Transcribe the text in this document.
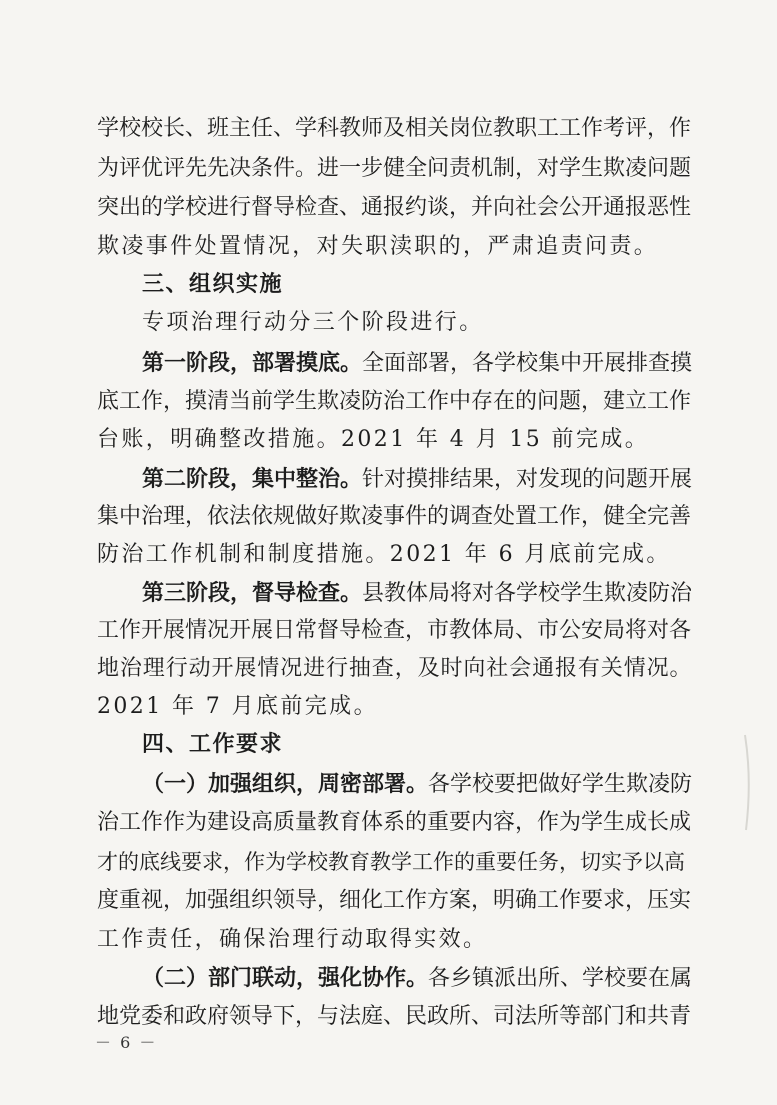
学校校长、班主任、学科教师及相关岗位教职工工作考评，作
为评优评先先决条件。进一步健全问责机制，对学生欺凌问题
突出的学校进行督导检查、通报约谈，并向社会公开通报恶性
欺凌事件处置情况，对失职渎职的，严肃追责问责。
三、组织实施
专项治理行动分三个阶段进行。
第一阶段，部署摸底。全面部署，各学校集中开展排查摸
底工作，摸清当前学生欺凌防治工作中存在的问题，建立工作
台账，明确整改措施。2021 年 4 月 15 前完成。
第二阶段，集中整治。针对摸排结果，对发现的问题开展
集中治理，依法依规做好欺凌事件的调查处置工作，健全完善
防治工作机制和制度措施。2021 年 6 月底前完成。
第三阶段，督导检查。县教体局将对各学校学生欺凌防治
工作开展情况开展日常督导检查，市教体局、市公安局将对各
地治理行动开展情况进行抽查，及时向社会通报有关情况。
2021 年 7 月底前完成。
四、工作要求
（一）加强组织，周密部署。各学校要把做好学生欺凌防
治工作作为建设高质量教育体系的重要内容，作为学生成长成
才的底线要求，作为学校教育教学工作的重要任务，切实予以高
度重视，加强组织领导，细化工作方案，明确工作要求，压实
工作责任，确保治理行动取得实效。
（二）部门联动，强化协作。各乡镇派出所、学校要在属
地党委和政府领导下，与法庭、民政所、司法所等部门和共青
－ 6 －
